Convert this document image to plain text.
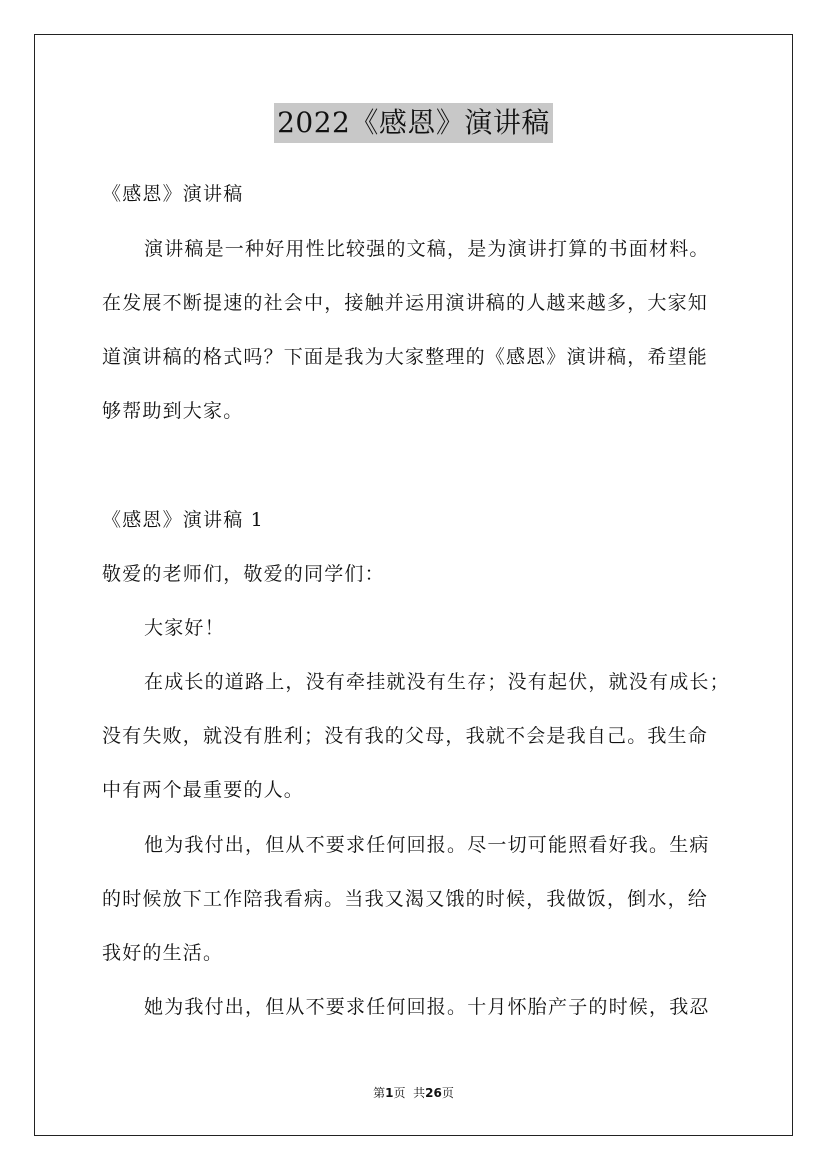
2022《感恩》演讲稿
《感恩》演讲稿
演讲稿是一种好用性比较强的文稿，是为演讲打算的书面材料。
在发展不断提速的社会中，接触并运用演讲稿的人越来越多，大家知
道演讲稿的格式吗？下面是我为大家整理的《感恩》演讲稿，希望能
够帮助到大家。
《感恩》演讲稿 1
敬爱的老师们，敬爱的同学们：
大家好！
在成长的道路上，没有牵挂就没有生存；没有起伏，就没有成长；
没有失败，就没有胜利；没有我的父母，我就不会是我自己。我生命
中有两个最重要的人。
他为我付出，但从不要求任何回报。尽一切可能照看好我。生病
的时候放下工作陪我看病。当我又渴又饿的时候，我做饭，倒水，给
我好的生活。
她为我付出，但从不要求任何回报。十月怀胎产子的时候，我忍
第1页 共26页
